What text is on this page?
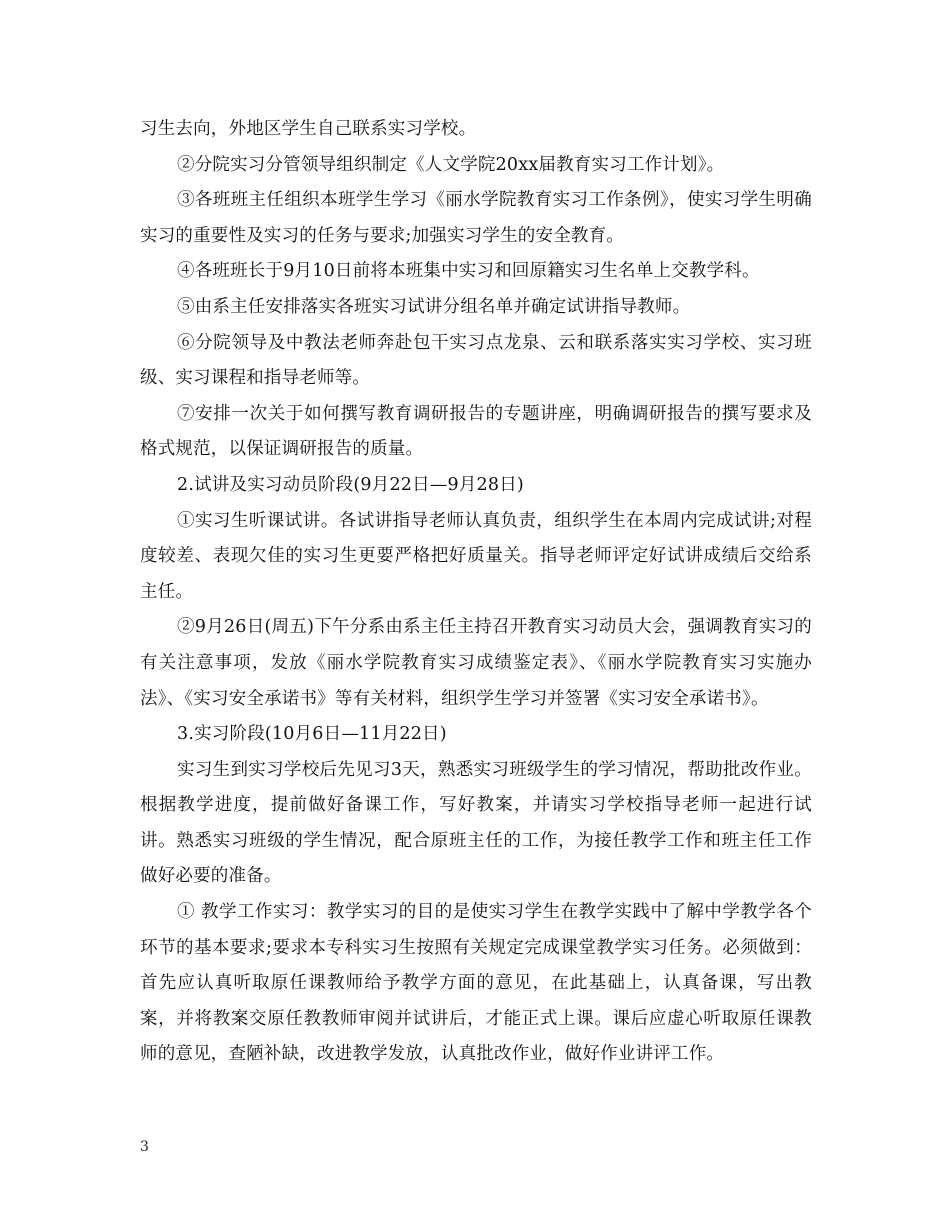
习生去向，外地区学生自己联系实习学校。

②分院实习分管领导组织制定《人文学院20xx届教育实习工作计划》。

③各班班主任组织本班学生学习《丽水学院教育实习工作条例》，使实习学生明确实习的重要性及实习的任务与要求;加强实习学生的安全教育。

④各班班长于9月10日前将本班集中实习和回原籍实习生名单上交教学科。

⑤由系主任安排落实各班实习试讲分组名单并确定试讲指导教师。

⑥分院领导及中教法老师奔赴包干实习点龙泉、云和联系落实实习学校、实习班级、实习课程和指导老师等。

⑦安排一次关于如何撰写教育调研报告的专题讲座，明确调研报告的撰写要求及格式规范，以保证调研报告的质量。

2.试讲及实习动员阶段(9月22日—9月28日)

①实习生听课试讲。各试讲指导老师认真负责，组织学生在本周内完成试讲;对程度较差、表现欠佳的实习生更要严格把好质量关。指导老师评定好试讲成绩后交给系主任。

②9月26日(周五)下午分系由系主任主持召开教育实习动员大会，强调教育实习的有关注意事项，发放《丽水学院教育实习成绩鉴定表》、《丽水学院教育实习实施办法》、《实习安全承诺书》等有关材料，组织学生学习并签署《实习安全承诺书》。

3.实习阶段(10月6日—11月22日)

实习生到实习学校后先见习3天，熟悉实习班级学生的学习情况，帮助批改作业。根据教学进度，提前做好备课工作，写好教案，并请实习学校指导老师一起进行试讲。熟悉实习班级的学生情况，配合原班主任的工作，为接任教学工作和班主任工作做好必要的准备。

① 教学工作实习：教学实习的目的是使实习学生在教学实践中了解中学教学各个环节的基本要求;要求本专科实习生按照有关规定完成课堂教学实习任务。必须做到：首先应认真听取原任课教师给予教学方面的意见，在此基础上，认真备课，写出教案，并将教案交原任教教师审阅并试讲后，才能正式上课。课后应虚心听取原任课教师的意见，查陋补缺，改进教学发放，认真批改作业，做好作业讲评工作。

3
